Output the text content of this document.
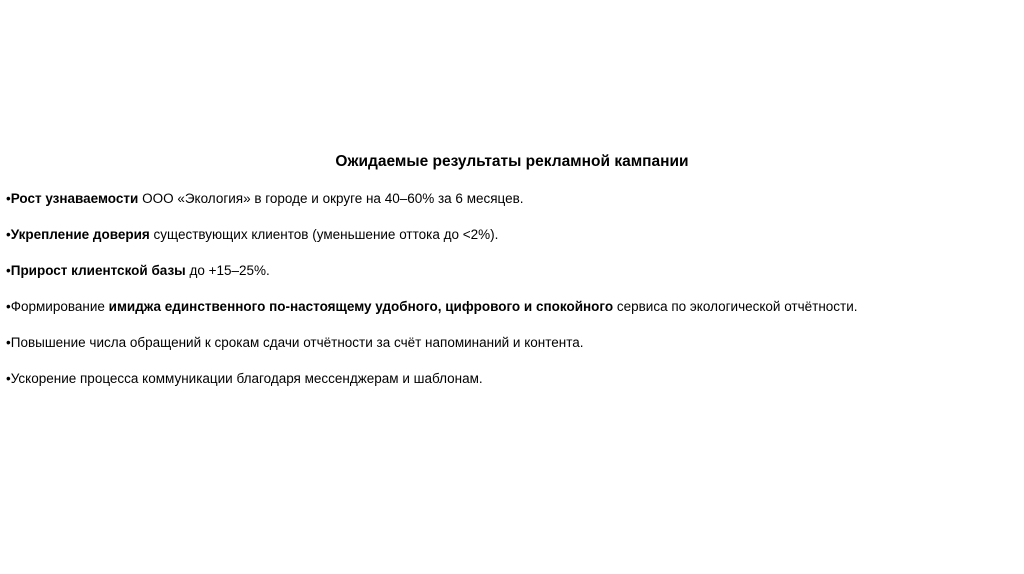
Ожидаемые результаты рекламной кампании
•Рост узнаваемости ООО «Экология» в городе и округе на 40–60% за 6 месяцев.
•Укрепление доверия существующих клиентов (уменьшение оттока до <2%).
•Прирост клиентской базы до +15–25%.
•Формирование имиджа единственного по-настоящему удобного, цифрового и спокойного сервиса по экологической отчётности.
•Повышение числа обращений к срокам сдачи отчётности за счёт напоминаний и контента.
•Ускорение процесса коммуникации благодаря мессенджерам и шаблонам.
